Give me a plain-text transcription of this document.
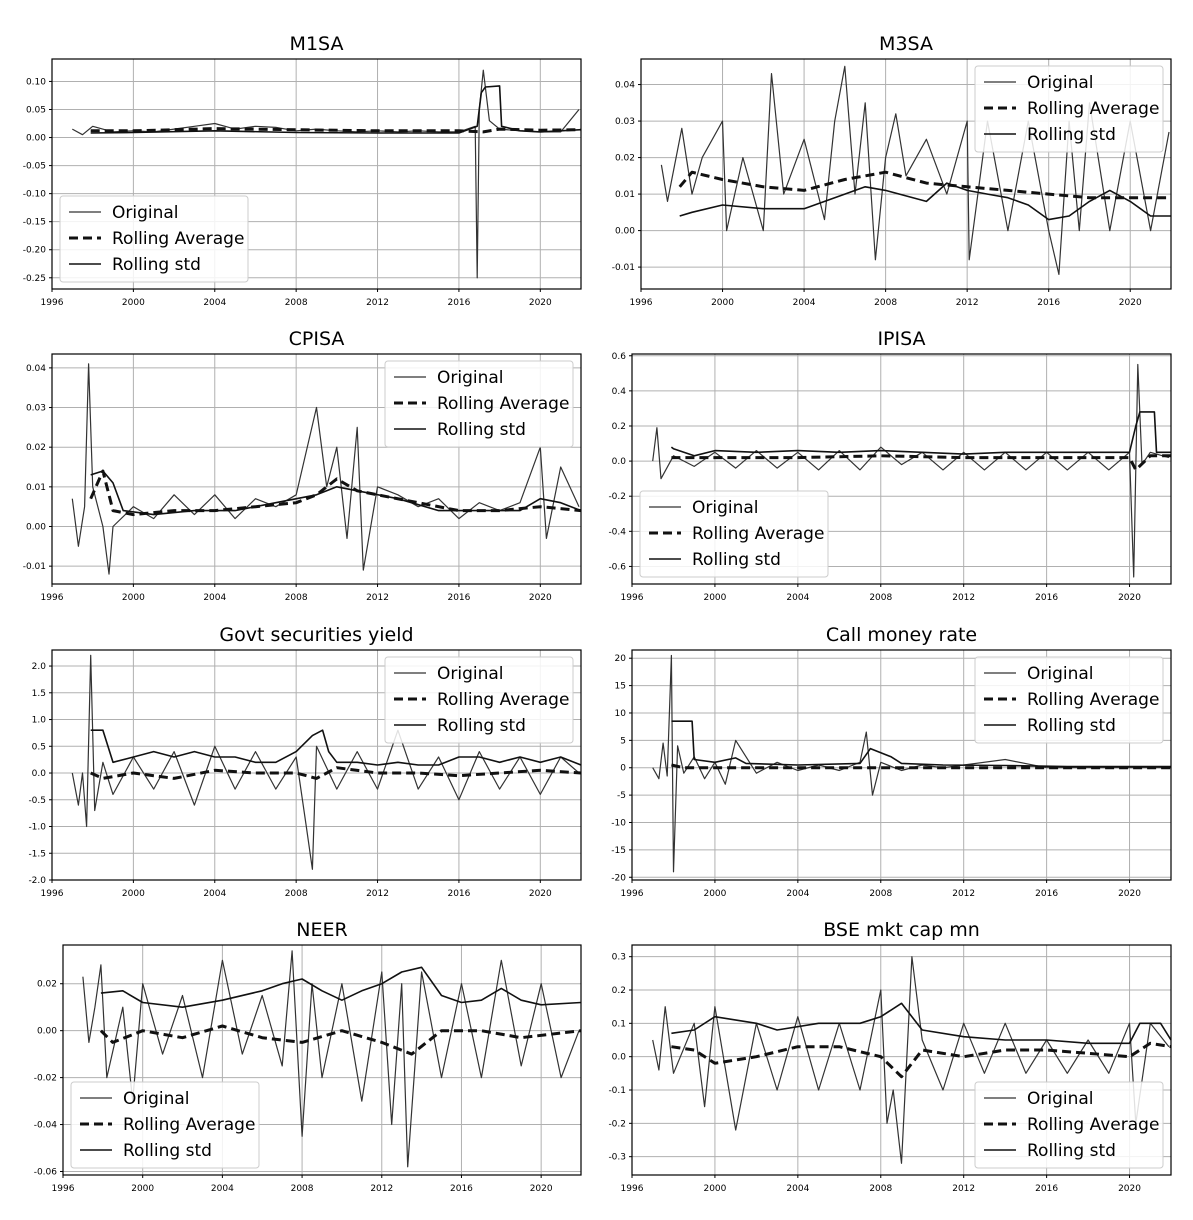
1996	2000	2004	2008	2012	2016	2020
0.10
0.05
0.00
-0.05
-0.10
-0.15
-0.20
-0.25
M1SA
Original
Rolling Average
Rolling std
1996	2000	2004	2008	2012	2016	2020
0.04
0.03
0.02
0.01
0.00
-0.01
M3SA
Original
Rolling Average
Rolling std
1996	2000	2004	2008	2012	2016	2020
0.04
0.03
0.02
0.01
0.00
-0.01
CPISA
Original
Rolling Average
Rolling std
1996	2000	2004	2008	2012	2016	2020
0.6
0.4
0.2
0.0
-0.2
-0.4
-0.6
IPISA
Original
Rolling Average
Rolling std
1996	2000	2004	2008	2012	2016	2020
2.0
1.5
1.0
0.5
0.0
-0.5
-1.0
-1.5
-2.0
Govt securities yield
Original
Rolling Average
Rolling std
1996	2000	2004	2008	2012	2016	2020
20
15
10
5
0
-5
-10
-15
-20
Call money rate
Original
Rolling Average
Rolling std
1996	2000	2004	2008	2012	2016	2020
0.02
0.00
-0.02
-0.04
-0.06
NEER
Original
Rolling Average
Rolling std
1996	2000	2004	2008	2012	2016	2020
0.3
0.2
0.1
0.0
-0.1
-0.2
-0.3
BSE mkt cap mn
Original
Rolling Average
Rolling std
